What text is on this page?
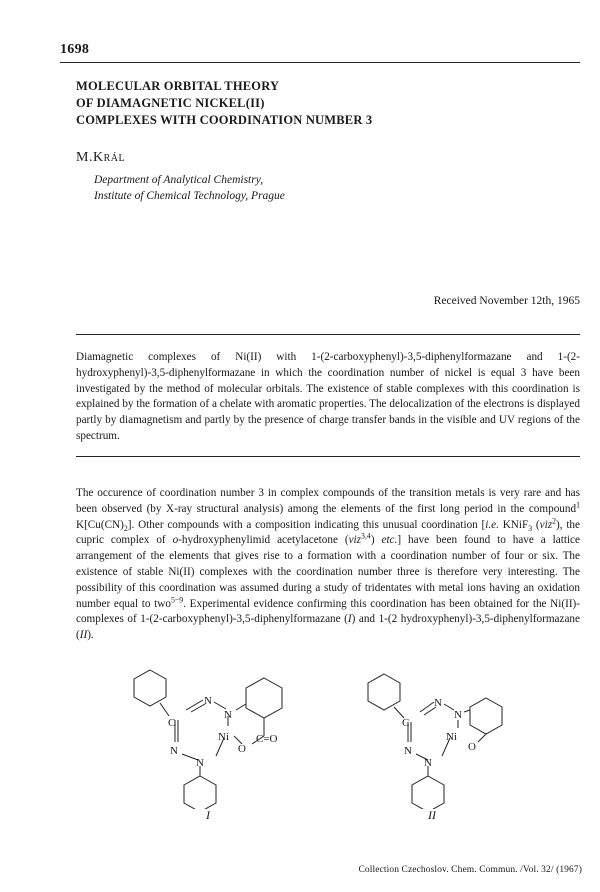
1698
MOLECULAR ORBITAL THEORY
OF DIAMAGNETIC NICKEL(II)
COMPLEXES WITH COORDINATION NUMBER 3
M.Král
Department of Analytical Chemistry,
Institute of Chemical Technology, Prague
Received November 12th, 1965

Diamagnetic complexes of Ni(II) with 1-(2-carboxyphenyl)-3,5-diphenylformazane and 1-(2-hydroxyphenyl)-3,5-diphenylformazane in which the coordination number of nickel is equal 3 have been investigated by the method of molecular orbitals. The existence of stable complexes with this coordination is explained by the formation of a chelate with aromatic properties. The delocalization of the electrons is displayed partly by diamagnetism and partly by the presence of charge transfer bands in the visible and UV regions of the spectrum.

The occurence of coordination number 3 in complex compounds of the transition metals is very rare and has been observed (by X-ray structural analysis) among the elements of the first long period in the compound$^1$ $K[Cu(CN)_2]$. Other compounds with a composition indicating this unusual coordination [i.e. KNiF$_3$ (viz$^2$), the cupric complex of o-hydroxyphenylimid acetylacetone (viz$^{3,4}$) etc.] have been found to have a lattice arrangement of the elements that gives rise to a formation with a coordination number of four or six. The existence of stable Ni(II) complexes with the coordination number three is therefore very interesting. The possibility of this coordination was assumed during a study of tridentates with metal ions having an oxidation number equal to two$^{5-9}$. Experimental evidence confirming this coordination has been obtained for the Ni(II)-complexes of 1-(2-carboxyphenyl)-3,5-diphenylformazane (I) and 1-(2 hydroxyphenyl)-3,5-diphenylformazane (II).

C
N
N
N
N
Ni
O
C=O
C
N
N
N
N
Ni
O
I	II
Collection Czechoslov. Chem. Commun. /Vol. 32/ (1967)
